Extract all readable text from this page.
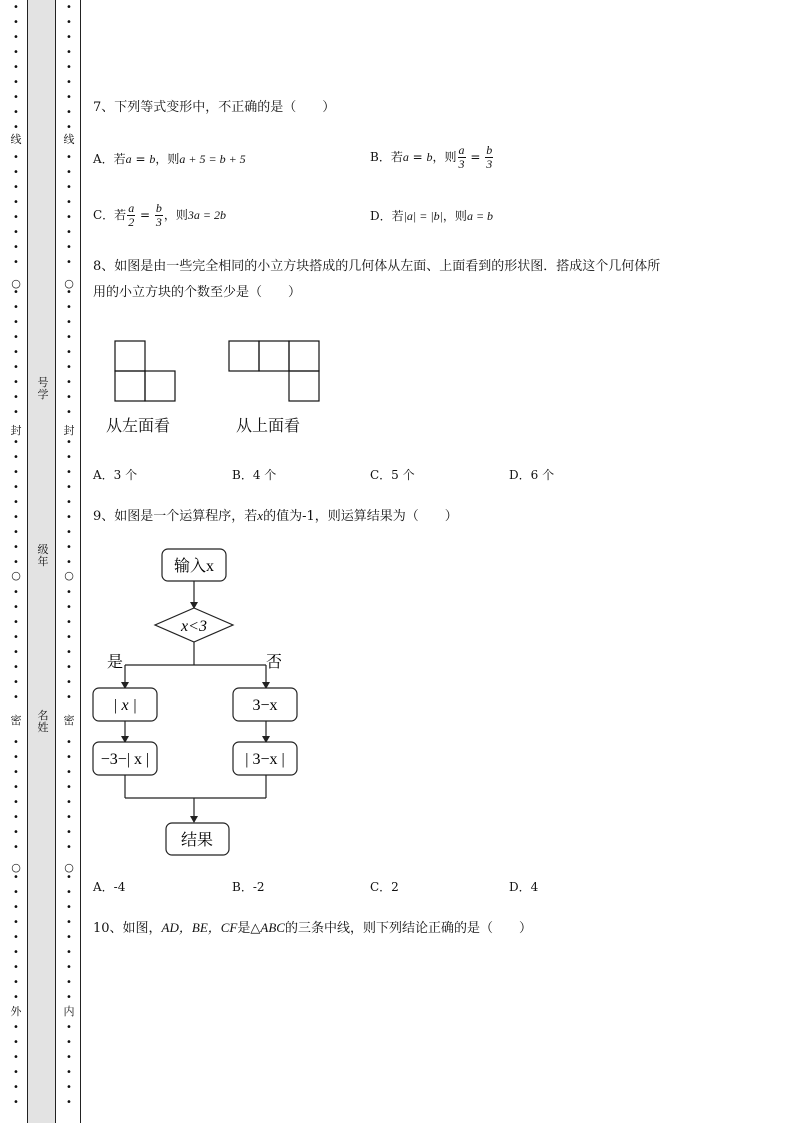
•
•
•
•
•
•
•
•
•
线
•
•
•
•
•
•
•
•
○
•
•
•
•
•
•
•
•
•
封
•
•
•
•
•
•
•
•
•
○
•
•
•
•
•
•
•
•
密
•
•
•
•
•
•
•
•
○
•
•
•
•
•
•
•
•
•
外
•
•
•
•
•
•
•
•
•
•
•
•
•
•
•
线
•
•
•
•
•
•
•
•
○
•
•
•
•
•
•
•
•
•
封
•
•
•
•
•
•
•
•
•
○
•
•
•
•
•
•
•
•
密
•
•
•
•
•
•
•
•
○
•
•
•
•
•
•
•
•
•
内
•
•
•
•
•
•
号学
级年
名姓
7、下列等式变形中，不正确的是（　　）
A．若a = b，则a + 5 = b + 5	B．若a = b，则 $\frac{a}{3} = \frac{b}{3}$
C．若 $\frac{a}{2} = \frac{b}{3}$ ，则3a = 2b	D．若|a| = |b|，则a = b
8、如图是由一些完全相同的小立方块搭成的几何体从左面、上面看到的形状图．搭成这个几何体所
用的小立方块的个数至少是（　　）
从左面看	从上面看
A．3 个	B．4 个	C．5 个	D．6 个
9、如图是一个运算程序，若x的值为-1，则运算结果为（　　）
输入x
x<3
是	否
| x |
−3−| x |
3−x
| 3−x |
结果
A．-4	B．-2	C．2	D．4
10、如图，AD，BE，CF是△ABC的三条中线，则下列结论正确的是（　　）
